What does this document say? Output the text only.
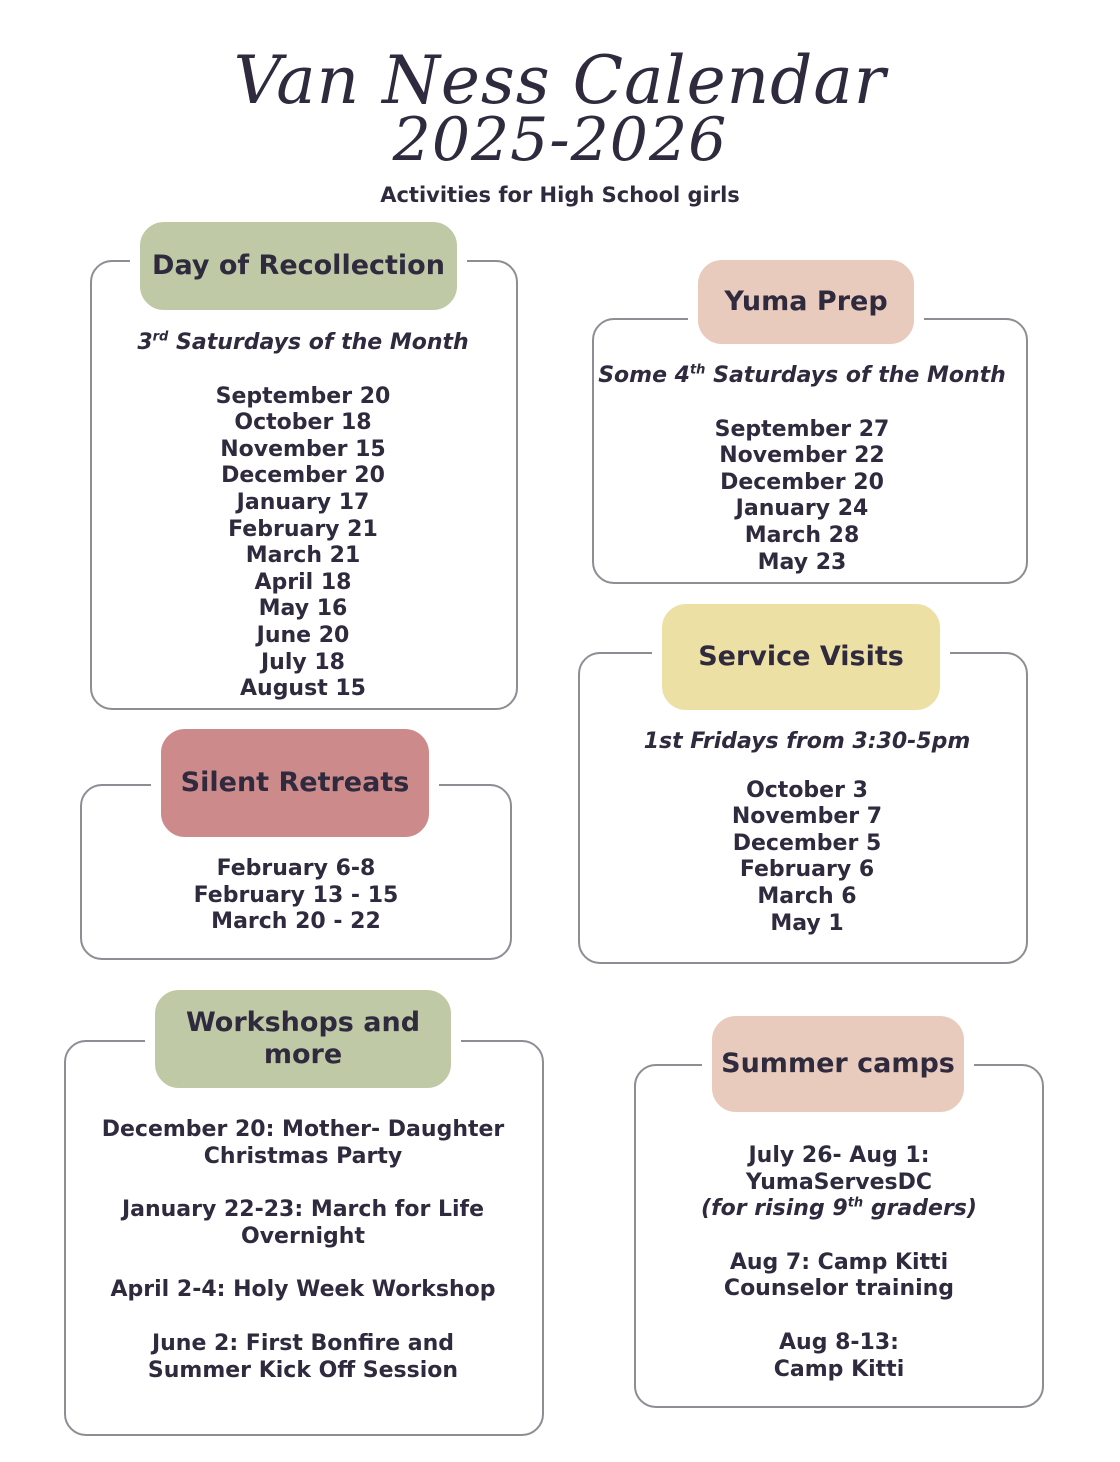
Van Ness Calendar
2025-2026
Activities for High School girls
Day of Recollection
3rd Saturdays of the Month
September 20
October 18
November 15
December 20
January 17
February 21
March 21
April 18
May 16
June 20
July 18
August 15
Yuma Prep
Some 4th Saturdays of the Month
September 27
November 22
December 20
January 24
March 28
May 23
Service Visits
1st Fridays from 3:30-5pm
October 3
November 7
December 5
February 6
March 6
May 1
Silent Retreats
February 6-8
February 13 - 15
March 20 - 22
Workshops and
more
December 20: Mother- Daughter
Christmas Party
January 22-23: March for Life
Overnight
April 2-4: Holy Week Workshop
June 2: First Bonfire and
Summer Kick Off Session
Summer camps
July 26- Aug 1:
YumaServesDC
(for rising 9th graders)
Aug 7: Camp Kitti
Counselor training
Aug 8-13:
Camp Kitti
